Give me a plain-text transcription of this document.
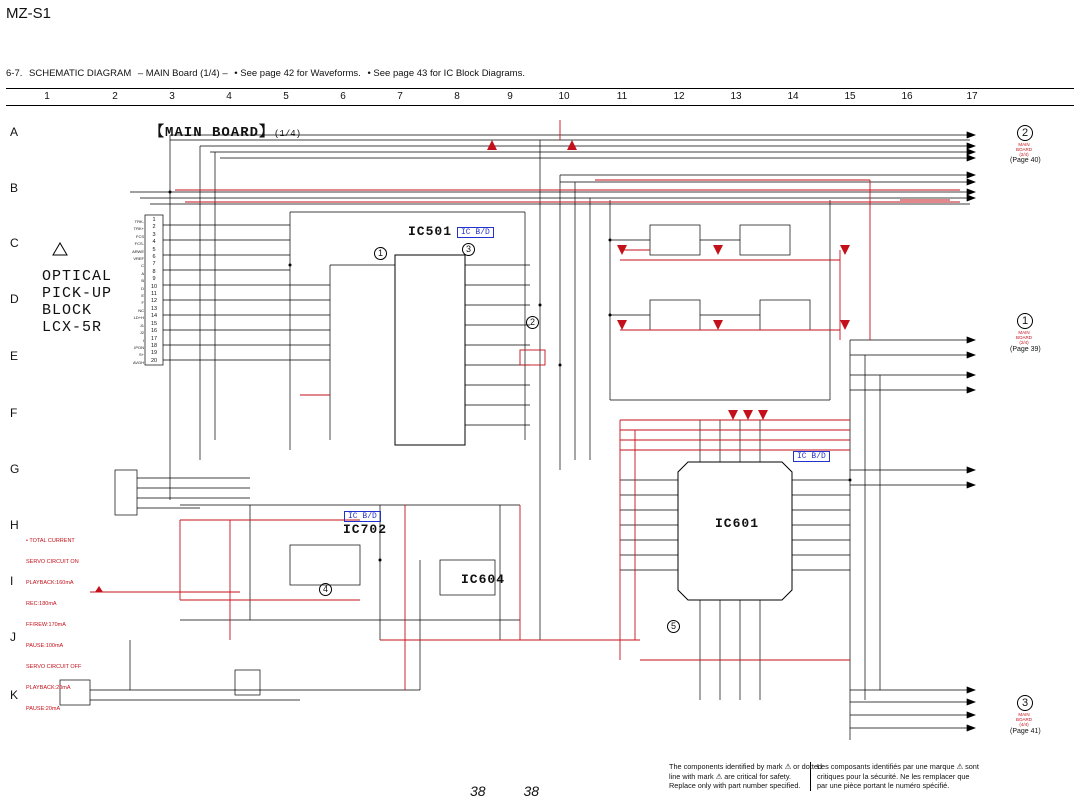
MZ-S1
6-7. SCHEMATIC DIAGRAM – MAIN Board (1/4) – • See page 42 for Waveforms. • See page 43 for IC Block Diagrams.
1	2	3	4	5	6	7	8	9	10	11	12	13	14	15	16	17
A
B
C
D
E
F
G
H
I
J
K
【MAIN BOARD】(1/4)
OPTICAL
PICK-UP
BLOCK
LCX-5R
1
2
3
4
5
6
7
8
9
10
11
12
13
14
15
16
17
18
19
20
TRK-
TRK+
FCS
FCS-
ARWE
VREF
C
A
B
D
E
F
NC
LD+H
J1
J2
I
IPON
S+
AVGH
IC501	IC B/D
IC B/D
IC702
IC604
IC601
IC B/D
1
2
3
4
5

• TOTAL CURRENT

SERVO CIRCUIT ON

PLAYBACK:160mA

REC:180mA

FF/REW:170mA

PAUSE:100mA

SERVO CIRCUIT OFF

PLAYBACK:20mA

PAUSE:20mA

2
MAIN
BOARD
(2/4)
(Page 40)
1
MAIN
BOARD
(2/4)
(Page 39)
3
MAIN
BOARD
(4/4)
(Page 41)
The components identified by mark ⚠ or dotted
line with mark ⚠ are critical for safety.
Replace only with part number specified.
Les composants identifiés par une marque ⚠ sont
critiques pour la sécurité. Ne les remplacer que
par une pièce portant le numéro spécifié.
38 38
